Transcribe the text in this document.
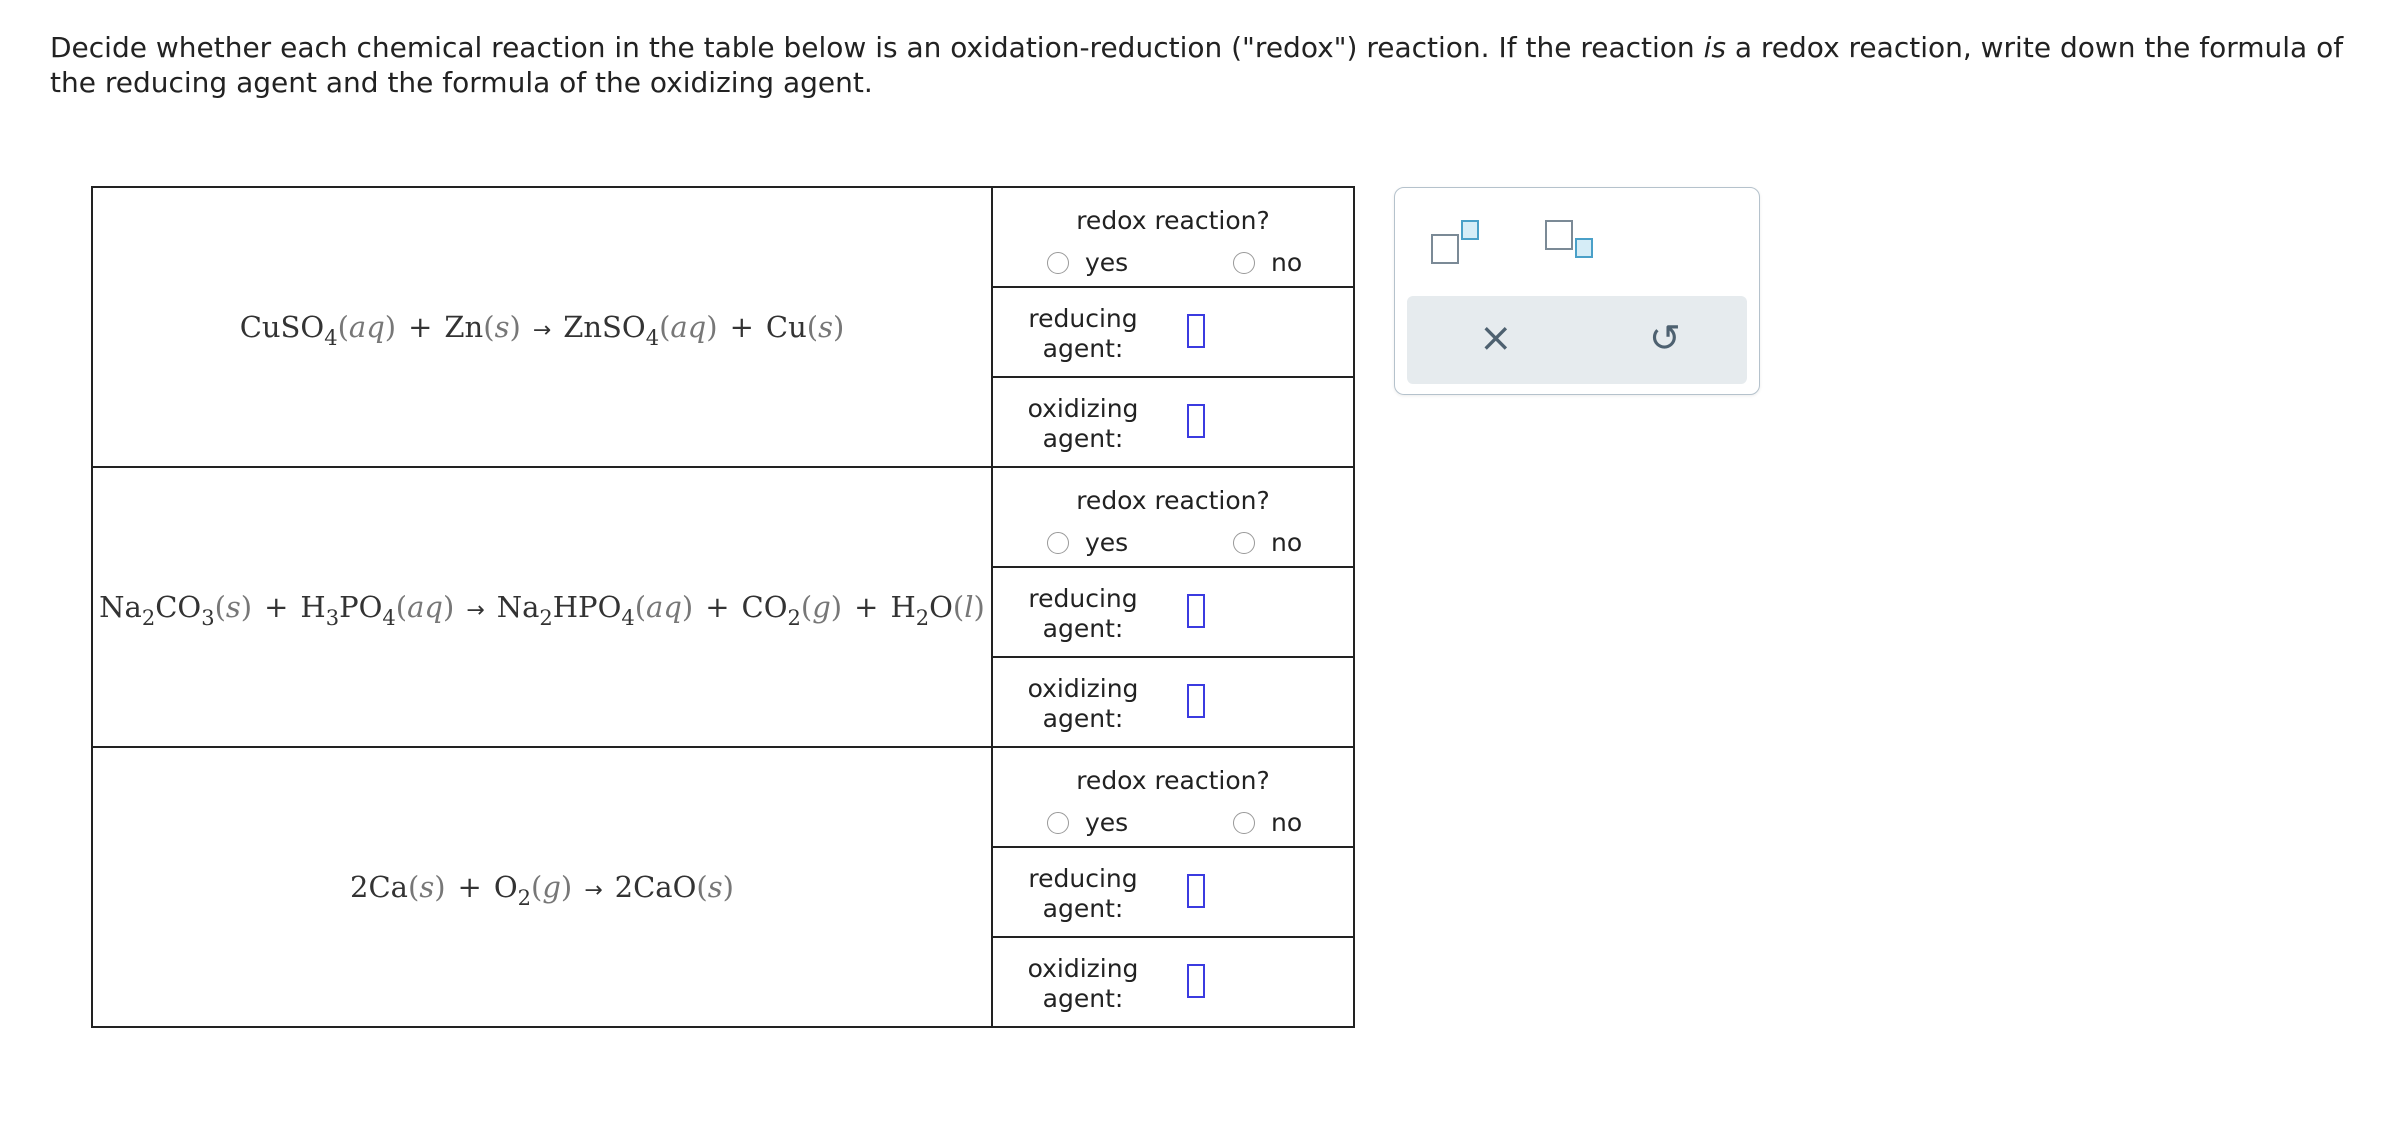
Decide whether each chemical reaction in the table below is an oxidation-reduction ("redox") reaction. If the reaction is a redox reaction, write down the formula of the reducing agent and the formula of the oxidizing agent.
CuSO$_4$(aq) + Zn(s) → ZnSO$_4$(aq) + Cu(s)	redox reaction?
yes no

	reducing
agent:

	oxidizing
agent:

$Na_2CO_3(s) + H_3PO_4(aq) \to Na_2HPO_4(aq) + CO_2(g) + H_2O(l)$	redox reaction?
yes no

	reducing
agent:

	oxidizing
agent:

$2Ca(s) + O_2(g) \to 2CaO(s)$	redox reaction?
yes no

	reducing
agent:

	oxidizing
agent:
×	↺
